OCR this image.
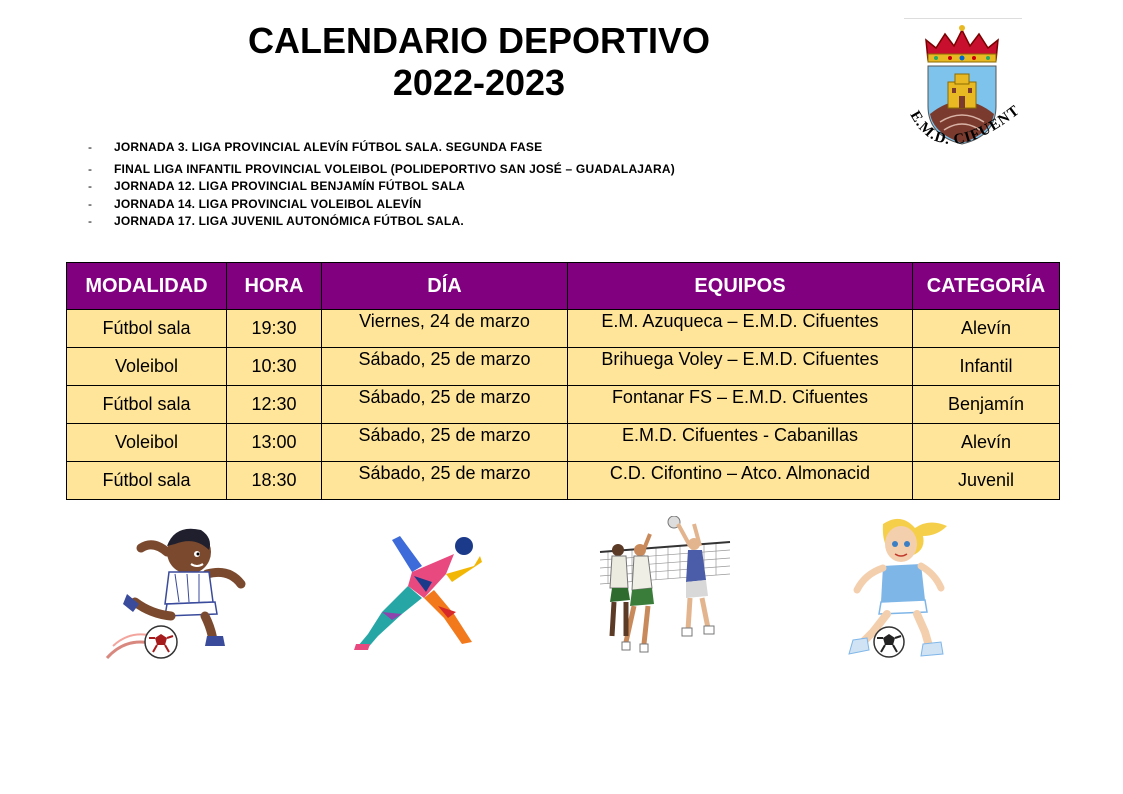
CALENDARIO DEPORTIVO
2022-2023
E.M.D. CIFUENT
- JORNADA 3. LIGA PROVINCIAL ALEVÍN FÚTBOL SALA. SEGUNDA FASE
- FINAL LIGA INFANTIL PROVINCIAL VOLEIBOL (POLIDEPORTIVO SAN JOSÉ – GUADALAJARA)
- JORNADA 12. LIGA PROVINCIAL BENJAMÍN FÚTBOL SALA
- JORNADA 14. LIGA PROVINCIAL VOLEIBOL ALEVÍN
- JORNADA 17. LIGA JUVENIL AUTONÓMICA FÚTBOL SALA.
MODALIDAD	HORA	DÍA	EQUIPOS	CATEGORÍA
Fútbol sala	19:30	Viernes, 24 de marzo	E.M. Azuqueca – E.M.D. Cifuentes	Alevín
Voleibol	10:30	Sábado, 25 de marzo	Brihuega Voley – E.M.D. Cifuentes	Infantil
Fútbol sala	12:30	Sábado, 25 de marzo	Fontanar FS – E.M.D. Cifuentes	Benjamín
Voleibol	13:00	Sábado, 25 de marzo	E.M.D. Cifuentes - Cabanillas	Alevín
Fútbol sala	18:30	Sábado, 25 de marzo	C.D. Cifontino – Atco. Almonacid	Juvenil
